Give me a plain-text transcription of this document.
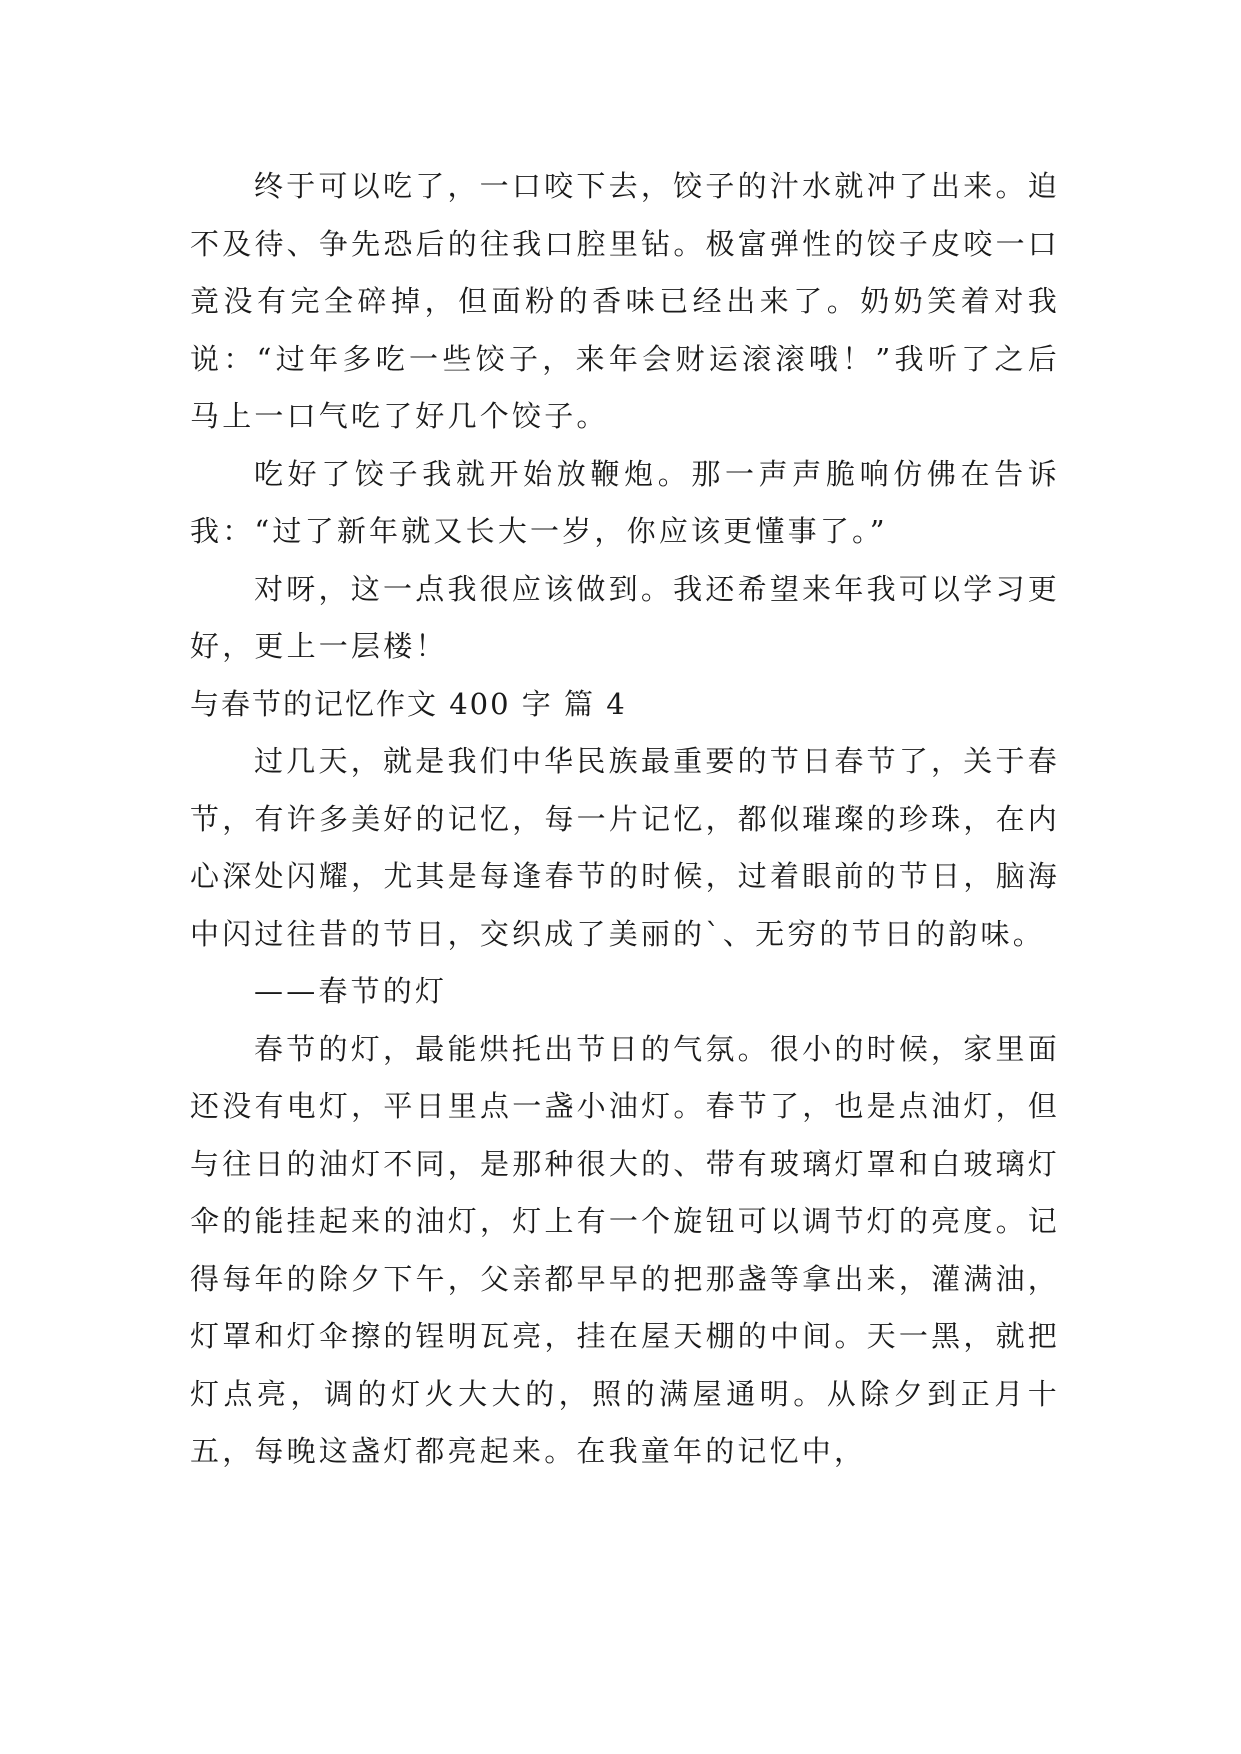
终于可以吃了，一口咬下去，饺子的汁水就冲了出来。迫不及待、争先恐后的往我口腔里钻。极富弹性的饺子皮咬一口竟没有完全碎掉，但面粉的香味已经出来了。奶奶笑着对我说：“过年多吃一些饺子，来年会财运滚滚哦！”我听了之后马上一口气吃了好几个饺子。

吃好了饺子我就开始放鞭炮。那一声声脆响仿佛在告诉我：“过了新年就又长大一岁，你应该更懂事了。”

对呀，这一点我很应该做到。我还希望来年我可以学习更好，更上一层楼！

与春节的记忆作文 400 字 篇 4

过几天，就是我们中华民族最重要的节日春节了，关于春节，有许多美好的记忆，每一片记忆，都似璀璨的珍珠，在内心深处闪耀，尤其是每逢春节的时候，过着眼前的节日，脑海中闪过往昔的节日，交织成了美丽的`、无穷的节日的韵味。

——春节的灯

春节的灯，最能烘托出节日的气氛。很小的时候，家里面还没有电灯，平日里点一盏小油灯。春节了，也是点油灯，但与往日的油灯不同，是那种很大的、带有玻璃灯罩和白玻璃灯伞的能挂起来的油灯，灯上有一个旋钮可以调节灯的亮度。记得每年的除夕下午，父亲都早早的把那盏等拿出来，灌满油，灯罩和灯伞擦的锃明瓦亮，挂在屋天棚的中间。天一黑，就把灯点亮，调的灯火大大的，照的满屋通明。从除夕到正月十五，每晚这盏灯都亮起来。在我童年的记忆中，
